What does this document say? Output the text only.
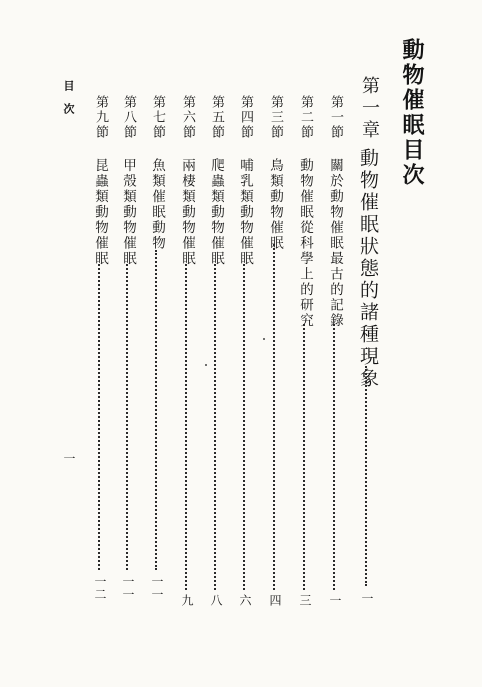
動物催眠目次
第一章
動物催眠狀態的諸種現象
一
第一節
關於動物催眠最古的記錄
一
第二節
動物催眠從科學上的研究
三
第三節
鳥類動物催眠
四
第四節
哺乳類動物催眠
六
第五節
爬蟲類動物催眠
八
第六節
兩棲類動物催眠
九
第七節
魚類催眠動物
一一
第八節
甲殼類動物催眠
一一
第九節
昆蟲類動物催眠
一二
目次
一
